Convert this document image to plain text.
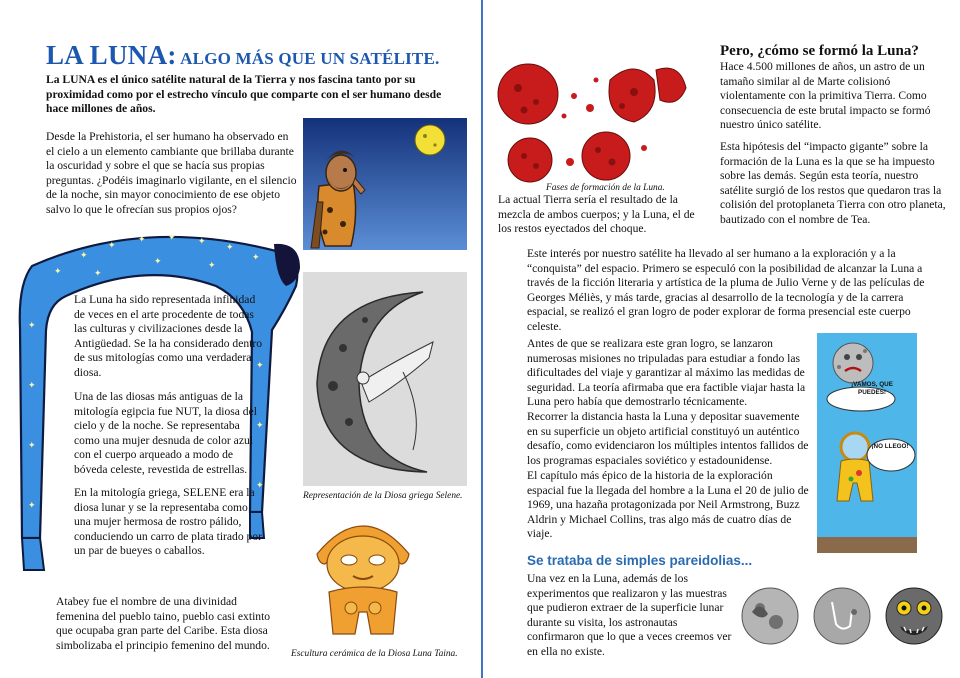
LA LUNA: ALGO MÁS QUE UN SATÉLITE.

La LUNA es el único satélite natural de la Tierra y nos fascina tanto por su proximidad como por el estrecho vínculo que comparte con el ser humano desde hace millones de años.

Desde la Prehistoria, el ser humano ha observado en el cielo a un elemento cambiante que brillaba durante la oscuridad y sobre el que se hacía sus propias preguntas. ¿Podéis imaginarlo vigilante, en el silencio de la noche, sin mayor conocimiento de ese objeto salvo lo que le ofrecían sus propios ojos?

✦
✦
✦
✦ ✦ ✦
✦
✦
✦
✦	✦
✦
✦
✦
✦
✦
✦
✦

La Luna ha sido representada infinidad de veces en el arte procedente de todas las culturas y civilizaciones desde la Antigüedad. Se la ha considerado dentro de sus mitologías como una verdadera diosa.

Una de las diosas más antiguas de la mitología egipcia fue NUT, la diosa del cielo y de la noche. Se representaba como una mujer desnuda de color azul con el cuerpo arqueado a modo de bóveda celeste, revestida de estrellas.

En la mitología griega, SELENE era la diosa lunar y se la representaba como una mujer hermosa de rostro pálido, conduciendo un carro de plata tirado por un par de bueyes o caballos.

Representación de la Diosa griega Selene.
Escultura cerámica de la Diosa Luna Taina.

Atabey fue el nombre de una divinidad femenina del pueblo taino, pueblo casi extinto que ocupaba gran parte del Caribe. Esta diosa simbolizaba el principio femenino del mundo.

Fases de formación de la Luna.
Pero, ¿cómo se formó la Luna?

Hace 4.500 millones de años, un astro de un tamaño similar al de Marte colisionó violentamente con la primitiva Tierra. Como consecuencia de este brutal impacto se formó nuestro único satélite.

Esta hipótesis del “impacto gigante” sobre la formación de la Luna es la que se ha impuesto sobre las demás. Según esta teoría, nuestro satélite surgió de los restos que quedaron tras la colisión del protoplaneta Tierra con otro planeta, bautizado con el nombre de Tea.

La actual Tierra sería el resultado de la mezcla de ambos cuerpos; y la Luna, el de los restos eyectados del choque.

Este interés por nuestro satélite ha llevado al ser humano a la exploración y a la “conquista” del espacio. Primero se especuló con la posibilidad de alcanzar la Luna a través de la ficción literaria y artística de la pluma de Julio Verne y de las películas de Georges Méliès, y más tarde, gracias al desarrollo de la tecnología y de la carrera espacial, se realizó el gran logro de poder explorar de forma presencial este cuerpo celeste.

Antes de que se realizara este gran logro, se lanzaron numerosas misiones no tripuladas para estudiar a fondo las dificultades del viaje y garantizar al máximo las medidas de seguridad. La teoría afirmaba que era factible viajar hasta la Luna pero había que demostrarlo técnicamente.

Recorrer la distancia hasta la Luna y depositar suavemente en su superficie un objeto artificial constituyó un auténtico desafío, como evidenciaron los múltiples intentos fallidos de los programas espaciales soviético y estadounidense.

El capítulo más épico de la historia de la exploración espacial fue la llegada del hombre a la Luna el 20 de julio de 1969, una hazaña protagonizada por Neil Armstrong, Buzz Aldrin y Michael Collins, tras algo más de cuatro días de viaje.

¡VAMOS, QUE PUEDES!
¡NO LLEGO!
Se trataba de simples pareidolias...

Una vez en la Luna, además de los experimentos que realizaron y las muestras que pudieron extraer de la superficie lunar durante su visita, los astronautas confirmaron que lo que a veces creemos ver en ella no existe.
